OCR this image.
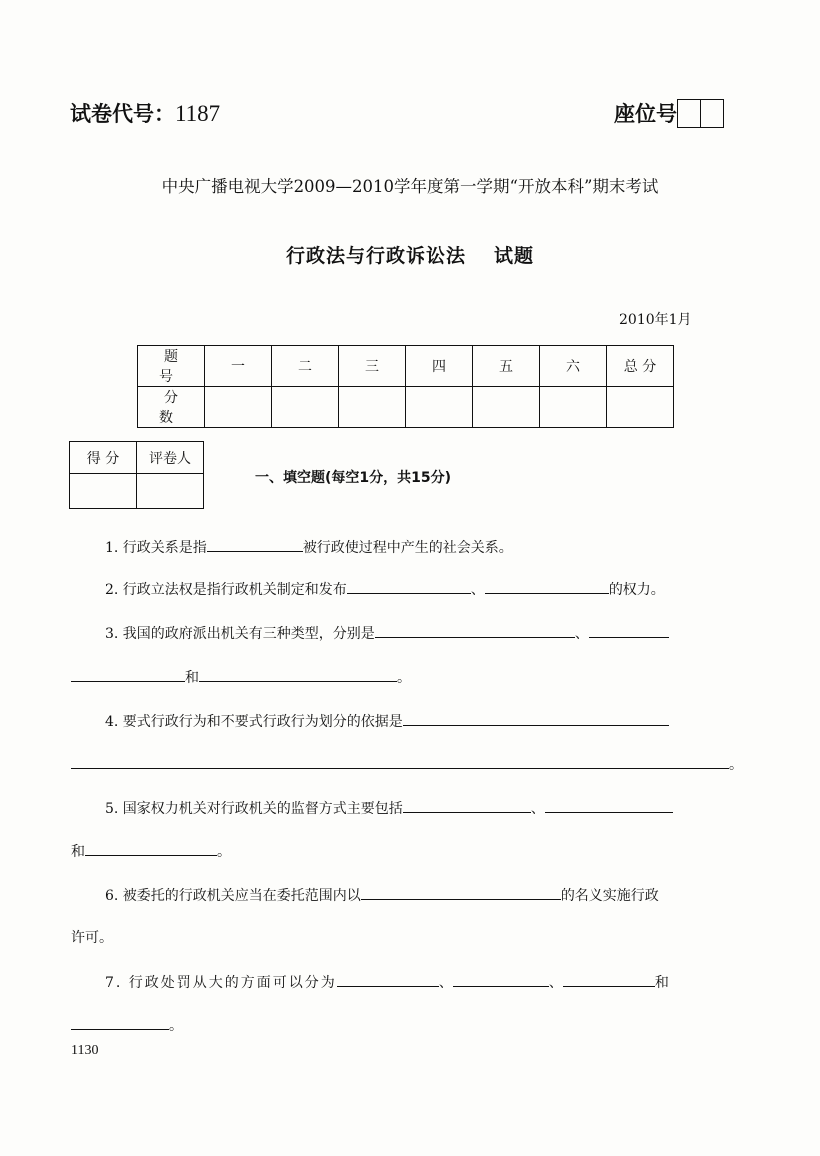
试卷代号：1187	座位号
中央广播电视大学2009—2010学年度第一学期“开放本科”期末考试
行政法与行政诉讼法 试题
2010年1月
题 号	一	二	三	四	五	六	总 分
分 数							
得 分	评卷人

一、填空题(每空1分，共15分)
1. 行政关系是指	被行政使过程中产生的社会关系。
2. 行政立法权是指行政机关制定和发布	、	的权力。
3. 我国的政府派出机关有三种类型，分别是	、
和	。
4. 要式行政行为和不要式行政行为划分的依据是
。
5. 国家权力机关对行政机关的监督方式主要包括	、
和	。
6. 被委托的行政机关应当在委托范围内以	的名义实施行政
许可。
7. 行政处罚从大的方面可以分为	、	、	和
。
1130
